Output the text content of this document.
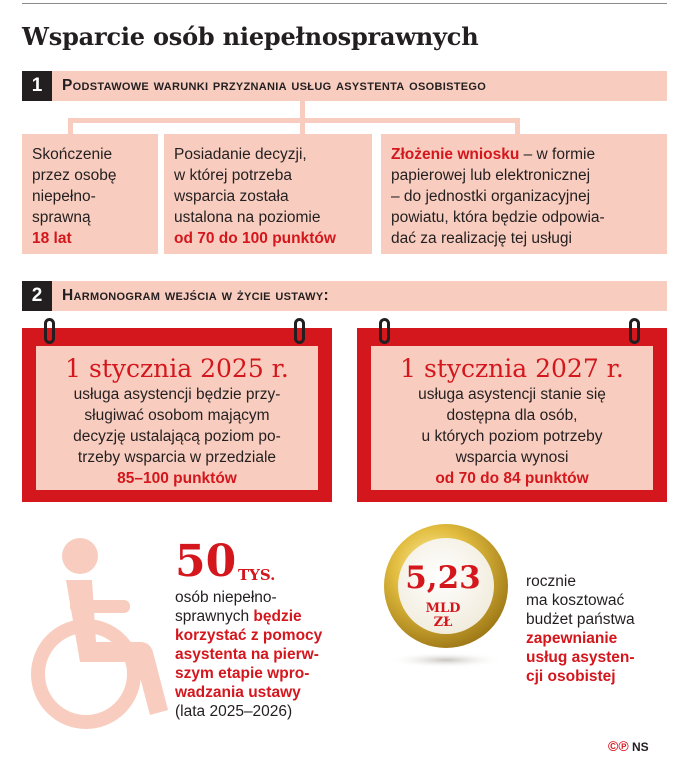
Wsparcie osób niepełnosprawnych
1	Podstawowe warunki przyznania usług asystenta osobistego
Skończenie
przez osobę
niepełno-
sprawną
18 lat
Posiadanie decyzji,
w której potrzeba
wsparcia została
ustalona na poziomie
od 70 do 100 punktów
Złożenie wniosku – w formie
papierowej lub elektronicznej
– do jednostki organizacyjnej
powiatu, która będzie odpowia-
dać za realizację tej usługi
2	Harmonogram wejścia w życie ustawy:
1 stycznia 2025 r.
usługa asystencji będzie przy-
sługiwać osobom mającym
decyzję ustalającą poziom po-
trzeby wsparcia w przedziale
85–100 punktów
1 stycznia 2027 r.
usługa asystencji stanie się
dostępna dla osób,
u których poziom potrzeby
wsparcia wynosi
od 70 do 84 punktów
50 TYS.
osób niepełno-
sprawnych będzie
korzystać z pomocy
asystenta na pierw-
szym etapie wpro-
wadzania ustawy
(lata 2025–2026)
5,23
MLD
ZŁ
rocznie
ma kosztować
budżet państwa
zapewnianie
usług asysten-
cji osobistej
©℗ NS
